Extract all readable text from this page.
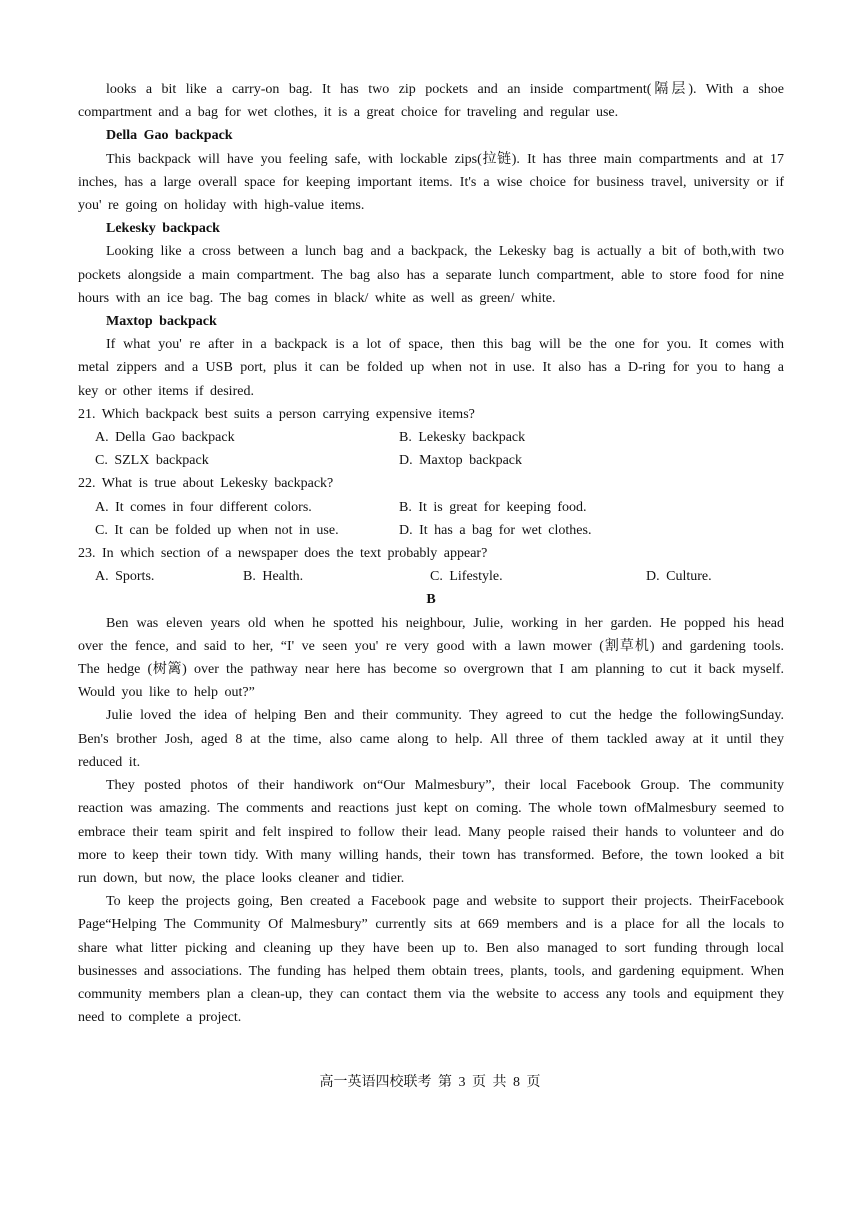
looks a bit like a carry-on bag. It has two zip pockets and an inside compartment(隔层). With a shoe compartment and a bag for wet clothes, it is a great choice for traveling and regular use.

Della Gao backpack

This backpack will have you feeling safe, with lockable zips(拉链). It has three main compartments and at 17 inches, has a large overall space for keeping important items. It's a wise choice for business travel, university or if you' re going on holiday with high-value items.

Lekesky backpack

Looking like a cross between a lunch bag and a backpack, the Lekesky bag is actually a bit of both,with two pockets alongside a main compartment. The bag also has a separate lunch compartment, able to store food for nine hours with an ice bag. The bag comes in black/ white as well as green/ white.

Maxtop backpack

If what you' re after in a backpack is a lot of space, then this bag will be the one for you. It comes with metal zippers and a USB port, plus it can be folded up when not in use. It also has a D-ring for you to hang a key or other items if desired.

21. Which backpack best suits a person carrying expensive items?

A. Della Gao backpack	B. Lekesky backpack
C. SZLX backpack	D. Maxtop backpack

22. What is true about Lekesky backpack?

A. It comes in four different colors.	B. It is great for keeping food.
C. It can be folded up when not in use.	D. It has a bag for wet clothes.

23. In which section of a newspaper does the text probably appear?

A. Sports.	B. Health.	C. Lifestyle.	D. Culture.

B

Ben was eleven years old when he spotted his neighbour, Julie, working in her garden. He popped his head over the fence, and said to her, “I' ve seen you' re very good with a lawn mower (割草机) and gardening tools. The hedge (树篱) over the pathway near here has become so overgrown that I am planning to cut it back myself. Would you like to help out?”

Julie loved the idea of helping Ben and their community. They agreed to cut the hedge the followingSunday. Ben's brother Josh, aged 8 at the time, also came along to help. All three of them tackled away at it until they reduced it.

They posted photos of their handiwork on“Our Malmesbury”, their local Facebook Group. The community reaction was amazing. The comments and reactions just kept on coming. The whole town ofMalmesbury seemed to embrace their team spirit and felt inspired to follow their lead. Many people raised their hands to volunteer and do more to keep their town tidy. With many willing hands, their town has transformed. Before, the town looked a bit run down, but now, the place looks cleaner and tidier.

To keep the projects going, Ben created a Facebook page and website to support their projects. TheirFacebook Page“Helping The Community Of Malmesbury” currently sits at 669 members and is a place for all the locals to share what litter picking and cleaning up they have been up to. Ben also managed to sort funding through local businesses and associations. The funding has helped them obtain trees, plants, tools, and gardening equipment. When community members plan a clean-up, they can contact them via the website to access any tools and equipment they need to complete a project.

高一英语四校联考 第 3 页 共 8 页
